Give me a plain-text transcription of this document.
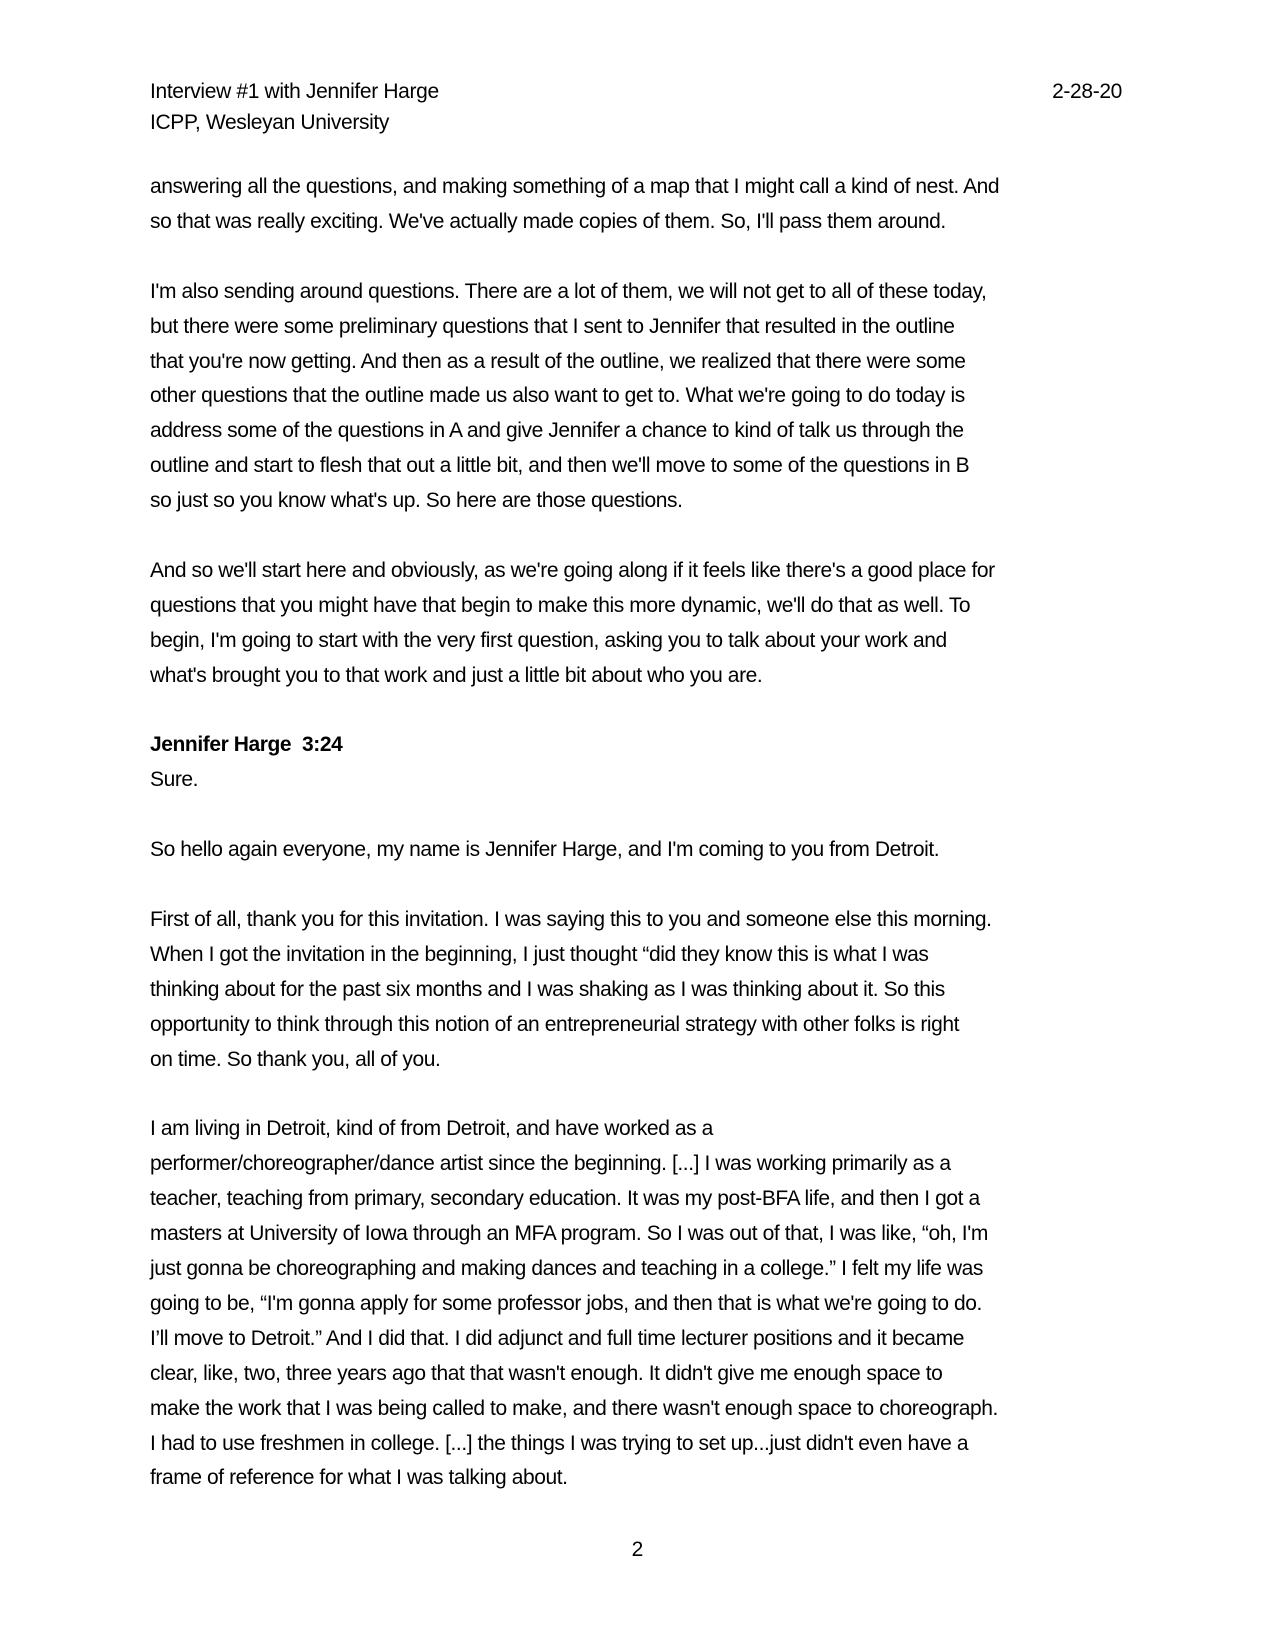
Interview #1 with Jennifer Harge	2-28-20
ICPP, Wesleyan University

answering all the questions, and making something of a map that I might call a kind of nest. And
so that was really exciting. We've actually made copies of them. So, I'll pass them around.

I'm also sending around questions. There are a lot of them, we will not get to all of these today,
but there were some preliminary questions that I sent to Jennifer that resulted in the outline
that you're now getting. And then as a result of the outline, we realized that there were some
other questions that the outline made us also want to get to. What we're going to do today is
address some of the questions in A and give Jennifer a chance to kind of talk us through the
outline and start to flesh that out a little bit, and then we'll move to some of the questions in B
so just so you know what's up. So here are those questions.

And so we'll start here and obviously, as we're going along if it feels like there's a good place for
questions that you might have that begin to make this more dynamic, we'll do that as well. To
begin, I'm going to start with the very first question, asking you to talk about your work and
what's brought you to that work and just a little bit about who you are.

Jennifer Harge 3:24

Sure.

So hello again everyone, my name is Jennifer Harge, and I'm coming to you from Detroit.

First of all, thank you for this invitation. I was saying this to you and someone else this morning.
When I got the invitation in the beginning, I just thought “did they know this is what I was
thinking about for the past six months and I was shaking as I was thinking about it. So this
opportunity to think through this notion of an entrepreneurial strategy with other folks is right
on time. So thank you, all of you.

I am living in Detroit, kind of from Detroit, and have worked as a
performer/choreographer/dance artist since the beginning. [...] I was working primarily as a
teacher, teaching from primary, secondary education. It was my post-BFA life, and then I got a
masters at University of Iowa through an MFA program. So I was out of that, I was like, “oh, I'm
just gonna be choreographing and making dances and teaching in a college.” I felt my life was
going to be, “I'm gonna apply for some professor jobs, and then that is what we're going to do.
I’ll move to Detroit.” And I did that. I did adjunct and full time lecturer positions and it became
clear, like, two, three years ago that that wasn't enough. It didn't give me enough space to
make the work that I was being called to make, and there wasn't enough space to choreograph.
I had to use freshmen in college. [...] the things I was trying to set up...just didn't even have a
frame of reference for what I was talking about.

2
